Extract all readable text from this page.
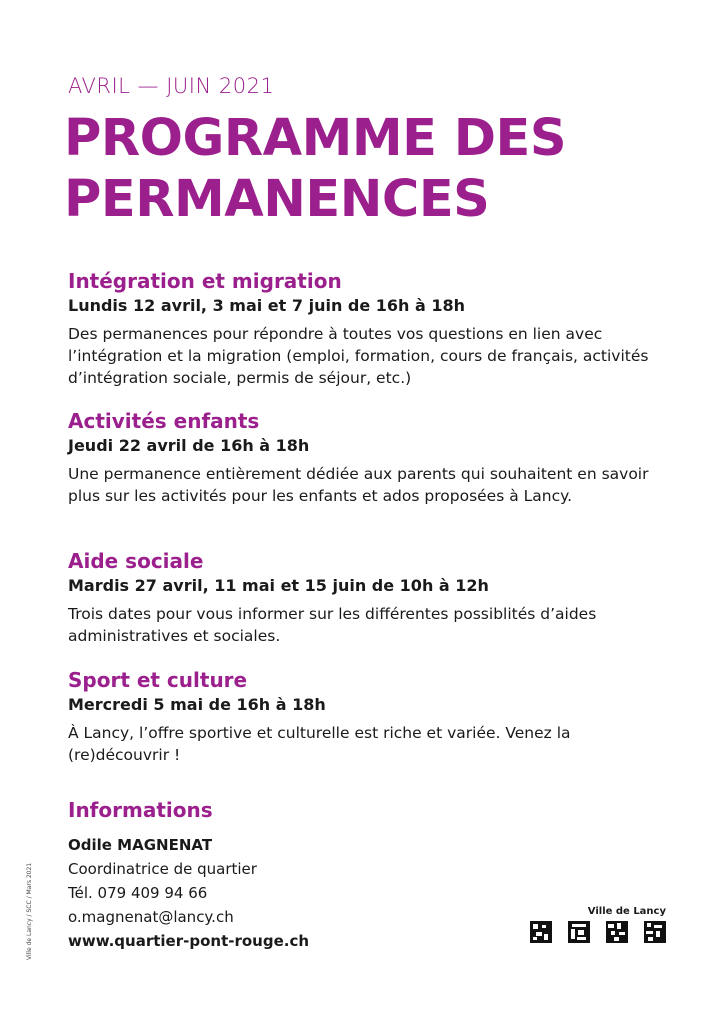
AVRIL — JUIN 2021
PROGRAMME DES
PERMANENCES
Intégration et migration
Lundis 12 avril, 3 mai et 7 juin de 16h à 18h
Des permanences pour répondre à toutes vos questions en lien avec l’intégration et la migration (emploi, formation, cours de français, activités d’intégration sociale, permis de séjour, etc.)
Activités enfants
Jeudi 22 avril de 16h à 18h
Une permanence entièrement dédiée aux parents qui souhaitent en savoir plus sur les activités pour les enfants et ados proposées à Lancy.
Aide sociale
Mardis 27 avril, 11 mai et 15 juin de 10h à 12h
Trois dates pour vous informer sur les différentes possiblités d’aides administratives et sociales.
Sport et culture
Mercredi 5 mai de 16h à 18h
À Lancy, l’offre sportive et culturelle est riche et variée. Venez la (re)découvrir !
Informations
Odile MAGNENAT
Coordinatrice de quartier
Tél. 079 409 94 66
o.magnenat@lancy.ch
www.quartier-pont-rouge.ch
Ville de Lancy / SCC / Mars 2021	Ville de Lancy
